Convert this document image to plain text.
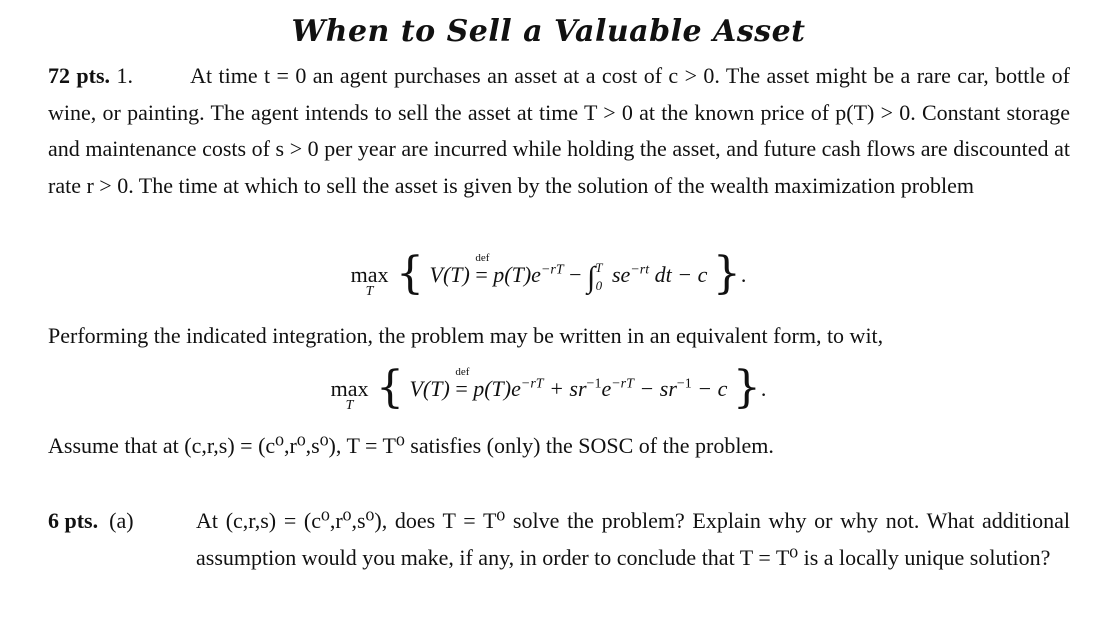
When to Sell a Valuable Asset
72 pts. 1.	At time t = 0 an agent purchases an asset at a cost of c > 0. The asset might be a rare car, bottle of wine, or painting. The agent intends to sell the asset at time T > 0 at the known price of p(T) > 0. Constant storage and maintenance costs of s > 0 per year are incurred while holding the asset, and future cash flows are discounted at rate r > 0. The time at which to sell the asset is given by the solution of the wealth maximization problem
max
T { V(T)
def
= $p(T)e^{-rT} - \int T$
0 $se^{-rt}$ dt − c }.
Performing the indicated integration, the problem may be written in an equivalent form, to wit,
max
T { V(T)
def
= $p(T)e^{-rT} + sr^{-1}e^{-rT} - sr^{-1} - c$ }.
Assume that at (c,r,s) = (c⁰,r⁰,s⁰), T = T⁰ satisfies (only) the SOSC of the problem.
6 pts. (a)	At (c,r,s) = (c⁰,r⁰,s⁰), does T = T⁰ solve the problem? Explain why or why not. What additional assumption would you make, if any, in order to conclude that T = T⁰ is a locally unique solution?
